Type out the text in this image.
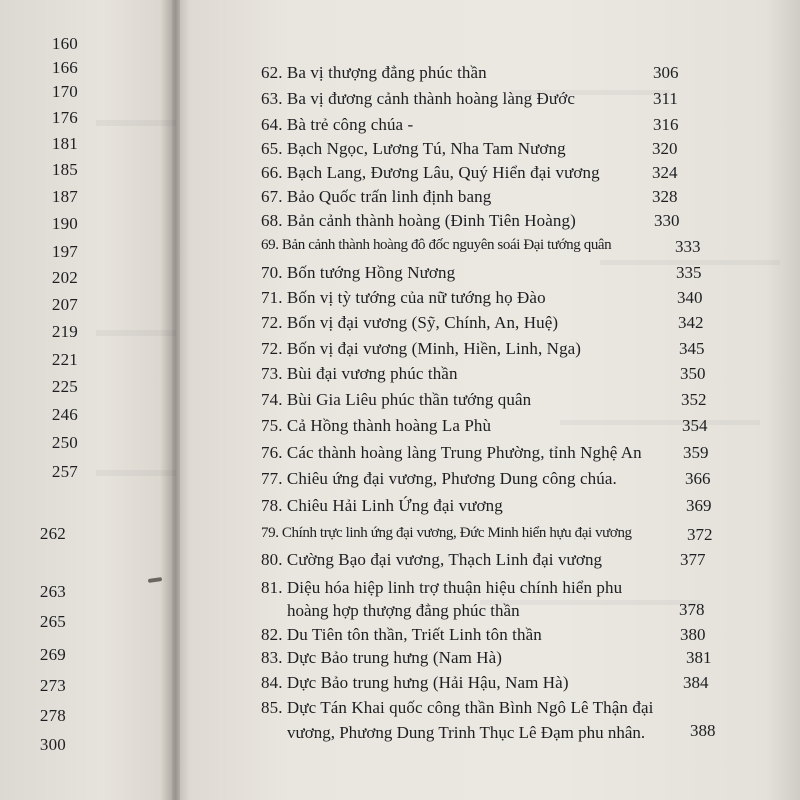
160
166
170
176
181
185
187
190
197
202
207
219
221
225
246
250
257
262
263
265
269
273
278
300
62. Ba vị thượng đẳng phúc thần	306
63. Ba vị đương cảnh thành hoàng làng Đước	311
64. Bà trẻ công chúa -	316
65. Bạch Ngọc, Lương Tú, Nha Tam Nương	320
66. Bạch Lang, Đương Lâu, Quý Hiển đại vương	324
67. Bảo Quốc trấn linh định bang	328
68. Bản cảnh thành hoàng (Đinh Tiên Hoàng)	330
69. Bản cảnh thành hoàng đô đốc nguyên soái Đại tướng quân	333
70. Bốn tướng Hồng Nương	335
71. Bốn vị tỳ tướng của nữ tướng họ Đào	340
72. Bốn vị đại vương (Sỹ, Chính, An, Huệ)	342
72. Bốn vị đại vương (Minh, Hiền, Linh, Nga)	345
73. Bùi đại vương phúc thần	350
74. Bùi Gia Liêu phúc thần tướng quân	352
75. Cả Hồng thành hoàng La Phù	354
76. Các thành hoàng làng Trung Phường, tỉnh Nghệ An 359
77. Chiêu ứng đại vương, Phương Dung công chúa.	366
78. Chiêu Hải Linh Ứng đại vương	369
79. Chính trực linh ứng đại vương, Đức Minh hiển hựu đại vương	372
80. Cường Bạo đại vương, Thạch Linh đại vương	377
81. Diệu hóa hiệp linh trợ thuận hiệu chính hiển phu
hoàng hợp thượng đẳng phúc thần	378
82. Du Tiên tôn thần, Triết Linh tôn thần	380
83. Dực Bảo trung hưng (Nam Hà)	381
84. Dực Bảo trung hưng (Hải Hậu, Nam Hà)	384
85. Dực Tán Khai quốc công thần Bình Ngô Lê Thận đại
vương, Phương Dung Trinh Thục Lê Đạm phu nhân.	388
